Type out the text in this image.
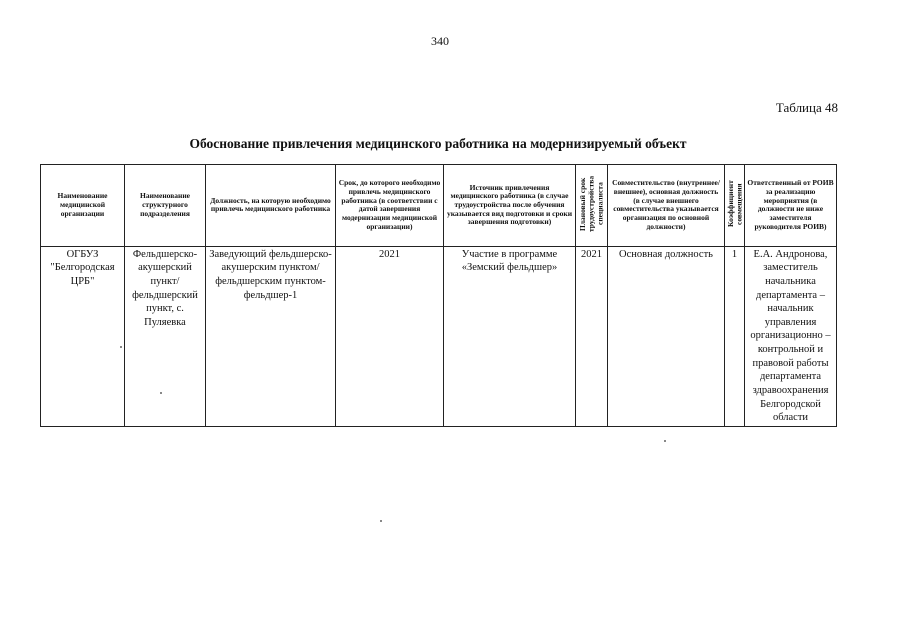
340
Таблица 48
Обоснование привлечения медицинского работника на модернизируемый объект
Наименование медицинской организации	Наименование структурного подразделения	Должность, на которую необходимо привлечь медицинского работника	Срок, до которого необходимо привлечь медицинского работника (в соответствии с датой завершения модернизации медицинской организации)	Источник привлечения медицинского работника (в случае трудоустройства после обучения указывается вид подготовки и сроки завершения подготовки)	Плановый срок трудоустройства специалиста	Совместительство (внутреннее/ внешнее), основная должность (в случае внешнего совместительства указывается организация по основной должности)	Коэффициент совмещения	Ответственный от РОИВ за реализацию мероприятия (в должности не ниже заместителя руководителя РОИВ)
ОГБУЗ "Белгородская ЦРБ"	Фельдшерско-акушерский пункт/фельдшерский пункт, с. Пуляевка	Заведующий фельдшерско-акушерским пунктом/фельдшерским пунктом- фельдшер-1	2021	Участие в программе «Земский фельдшер»	2021	Основная должность	1	Е.А. Андронова, заместитель начальника департамента – начальник управления организационно – контрольной и правовой работы департамента здравоохранения Белгородской области
